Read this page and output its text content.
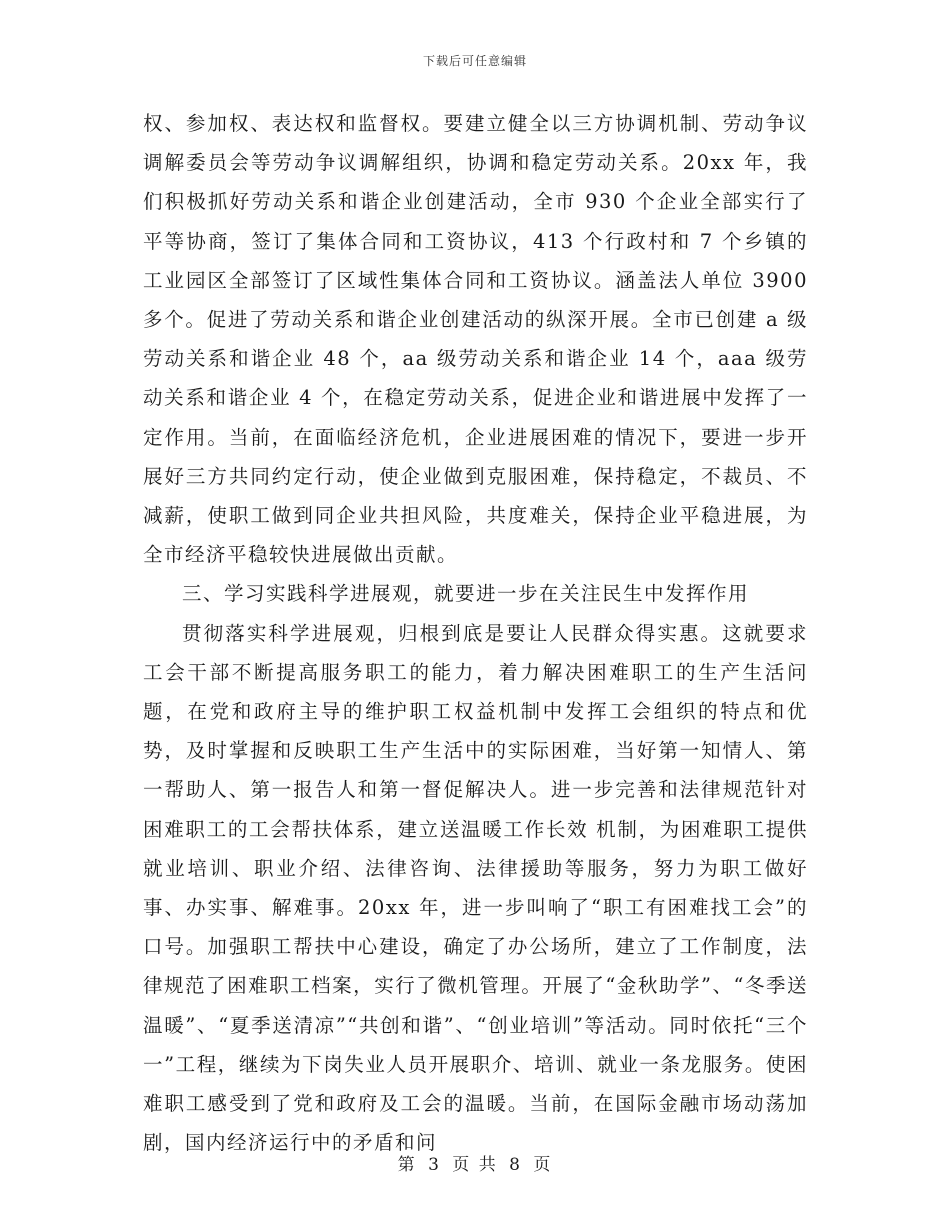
下载后可任意编辑

权、参加权、表达权和监督权。要建立健全以三方协调机制、劳动争议调解委员会等劳动争议调解组织，协调和稳定劳动关系。20xx 年，我们积极抓好劳动关系和谐企业创建活动，全市 930 个企业全部实行了平等协商，签订了集体合同和工资协议，413 个行政村和 7 个乡镇的工业园区全部签订了区域性集体合同和工资协议。涵盖法人单位 3900 多个。促进了劳动关系和谐企业创建活动的纵深开展。全市已创建 a 级劳动关系和谐企业 48 个，aa 级劳动关系和谐企业 14 个，aaa 级劳动关系和谐企业 4 个，在稳定劳动关系，促进企业和谐进展中发挥了一定作用。当前，在面临经济危机，企业进展困难的情况下，要进一步开展好三方共同约定行动，使企业做到克服困难，保持稳定，不裁员、不减薪，使职工做到同企业共担风险，共度难关，保持企业平稳进展，为全市经济平稳较快进展做出贡献。

三、学习实践科学进展观，就要进一步在关注民生中发挥作用

贯彻落实科学进展观，归根到底是要让人民群众得实惠。这就要求工会干部不断提高服务职工的能力，着力解决困难职工的生产生活问题，在党和政府主导的维护职工权益机制中发挥工会组织的特点和优势，及时掌握和反映职工生产生活中的实际困难，当好第一知情人、第一帮助人、第一报告人和第一督促解决人。进一步完善和法律规范针对困难职工的工会帮扶体系，建立送温暖工作长效 机制，为困难职工提供就业培训、职业介绍、法律咨询、法律援助等服务，努力为职工做好事、办实事、解难事。20xx 年，进一步叫响了“职工有困难找工会”的口号。加强职工帮扶中心建设，确定了办公场所，建立了工作制度，法律规范了困难职工档案，实行了微机管理。开展了“金秋助学”、“冬季送温暖”、“夏季送清凉”“共创和谐”、“创业培训”等活动。同时依托“三个一”工程，继续为下岗失业人员开展职介、培训、就业一条龙服务。使困难职工感受到了党和政府及工会的温暖。当前，在国际金融市场动荡加剧，国内经济运行中的矛盾和问

第 3 页 共 8 页
